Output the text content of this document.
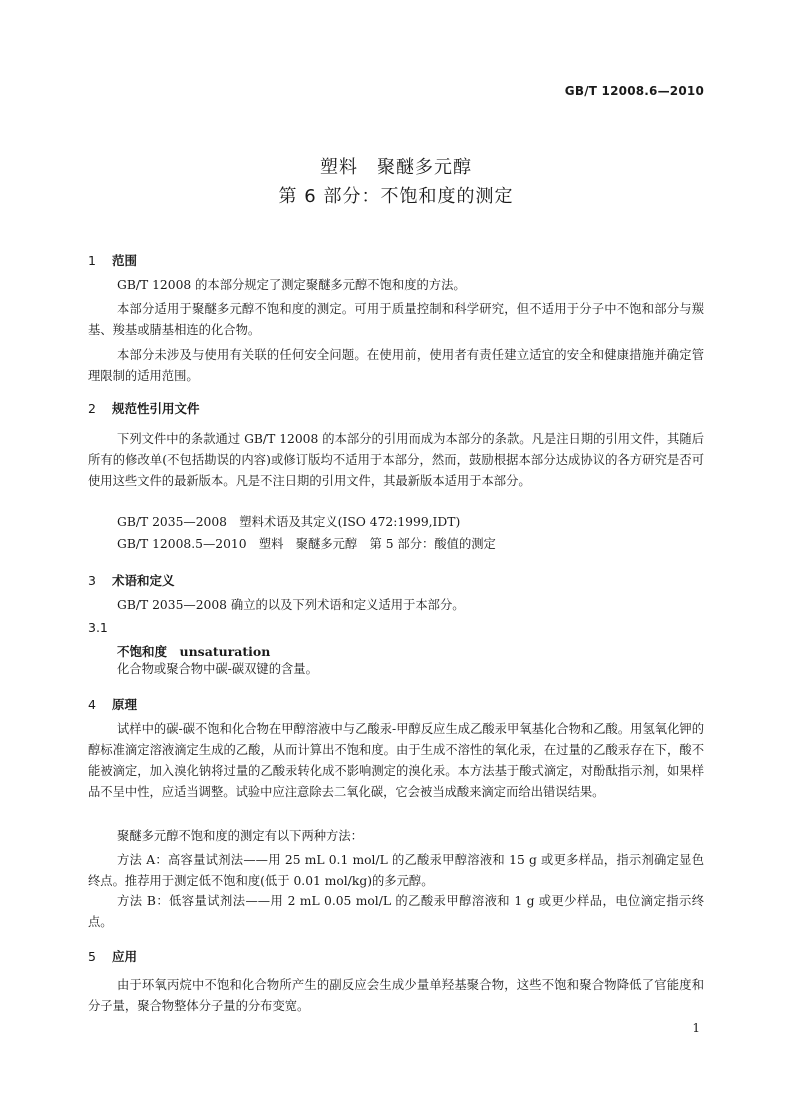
GB/T 12008.6—2010
塑料　聚醚多元醇
第 6 部分：不饱和度的测定
1 范围
GB/T 12008 的本部分规定了测定聚醚多元醇不饱和度的方法。
本部分适用于聚醚多元醇不饱和度的测定。可用于质量控制和科学研究，但不适用于分子中不饱和部分与羰基、羧基或腈基相连的化合物。
本部分未涉及与使用有关联的任何安全问题。在使用前，使用者有责任建立适宜的安全和健康措施并确定管理限制的适用范围。
2 规范性引用文件
下列文件中的条款通过 GB/T 12008 的本部分的引用而成为本部分的条款。凡是注日期的引用文件，其随后所有的修改单(不包括勘误的内容)或修订版均不适用于本部分，然而，鼓励根据本部分达成协议的各方研究是否可使用这些文件的最新版本。凡是不注日期的引用文件，其最新版本适用于本部分。
GB/T 2035—2008　塑料术语及其定义(ISO 472:1999,IDT)
GB/T 12008.5—2010　塑料　聚醚多元醇　第 5 部分：酸值的测定
3 术语和定义
GB/T 2035—2008 确立的以及下列术语和定义适用于本部分。
3.1
不饱和度　unsaturation
化合物或聚合物中碳-碳双键的含量。
4 原理
试样中的碳-碳不饱和化合物在甲醇溶液中与乙酸汞-甲醇反应生成乙酸汞甲氧基化合物和乙酸。用氢氧化钾的醇标准滴定溶液滴定生成的乙酸，从而计算出不饱和度。由于生成不溶性的氧化汞，在过量的乙酸汞存在下，酸不能被滴定，加入溴化钠将过量的乙酸汞转化成不影响测定的溴化汞。本方法基于酸式滴定，对酚酞指示剂，如果样品不呈中性，应适当调整。试验中应注意除去二氧化碳，它会被当成酸来滴定而给出错误结果。
聚醚多元醇不饱和度的测定有以下两种方法：
方法 A：高容量试剂法——用 25 mL 0.1 mol/L 的乙酸汞甲醇溶液和 15 g 或更多样品，指示剂确定显色终点。推荐用于测定低不饱和度(低于 0.01 mol/kg)的多元醇。
方法 B：低容量试剂法——用 2 mL 0.05 mol/L 的乙酸汞甲醇溶液和 1 g 或更少样品，电位滴定指示终点。
5 应用
由于环氧丙烷中不饱和化合物所产生的副反应会生成少量单羟基聚合物，这些不饱和聚合物降低了官能度和分子量，聚合物整体分子量的分布变宽。
1
